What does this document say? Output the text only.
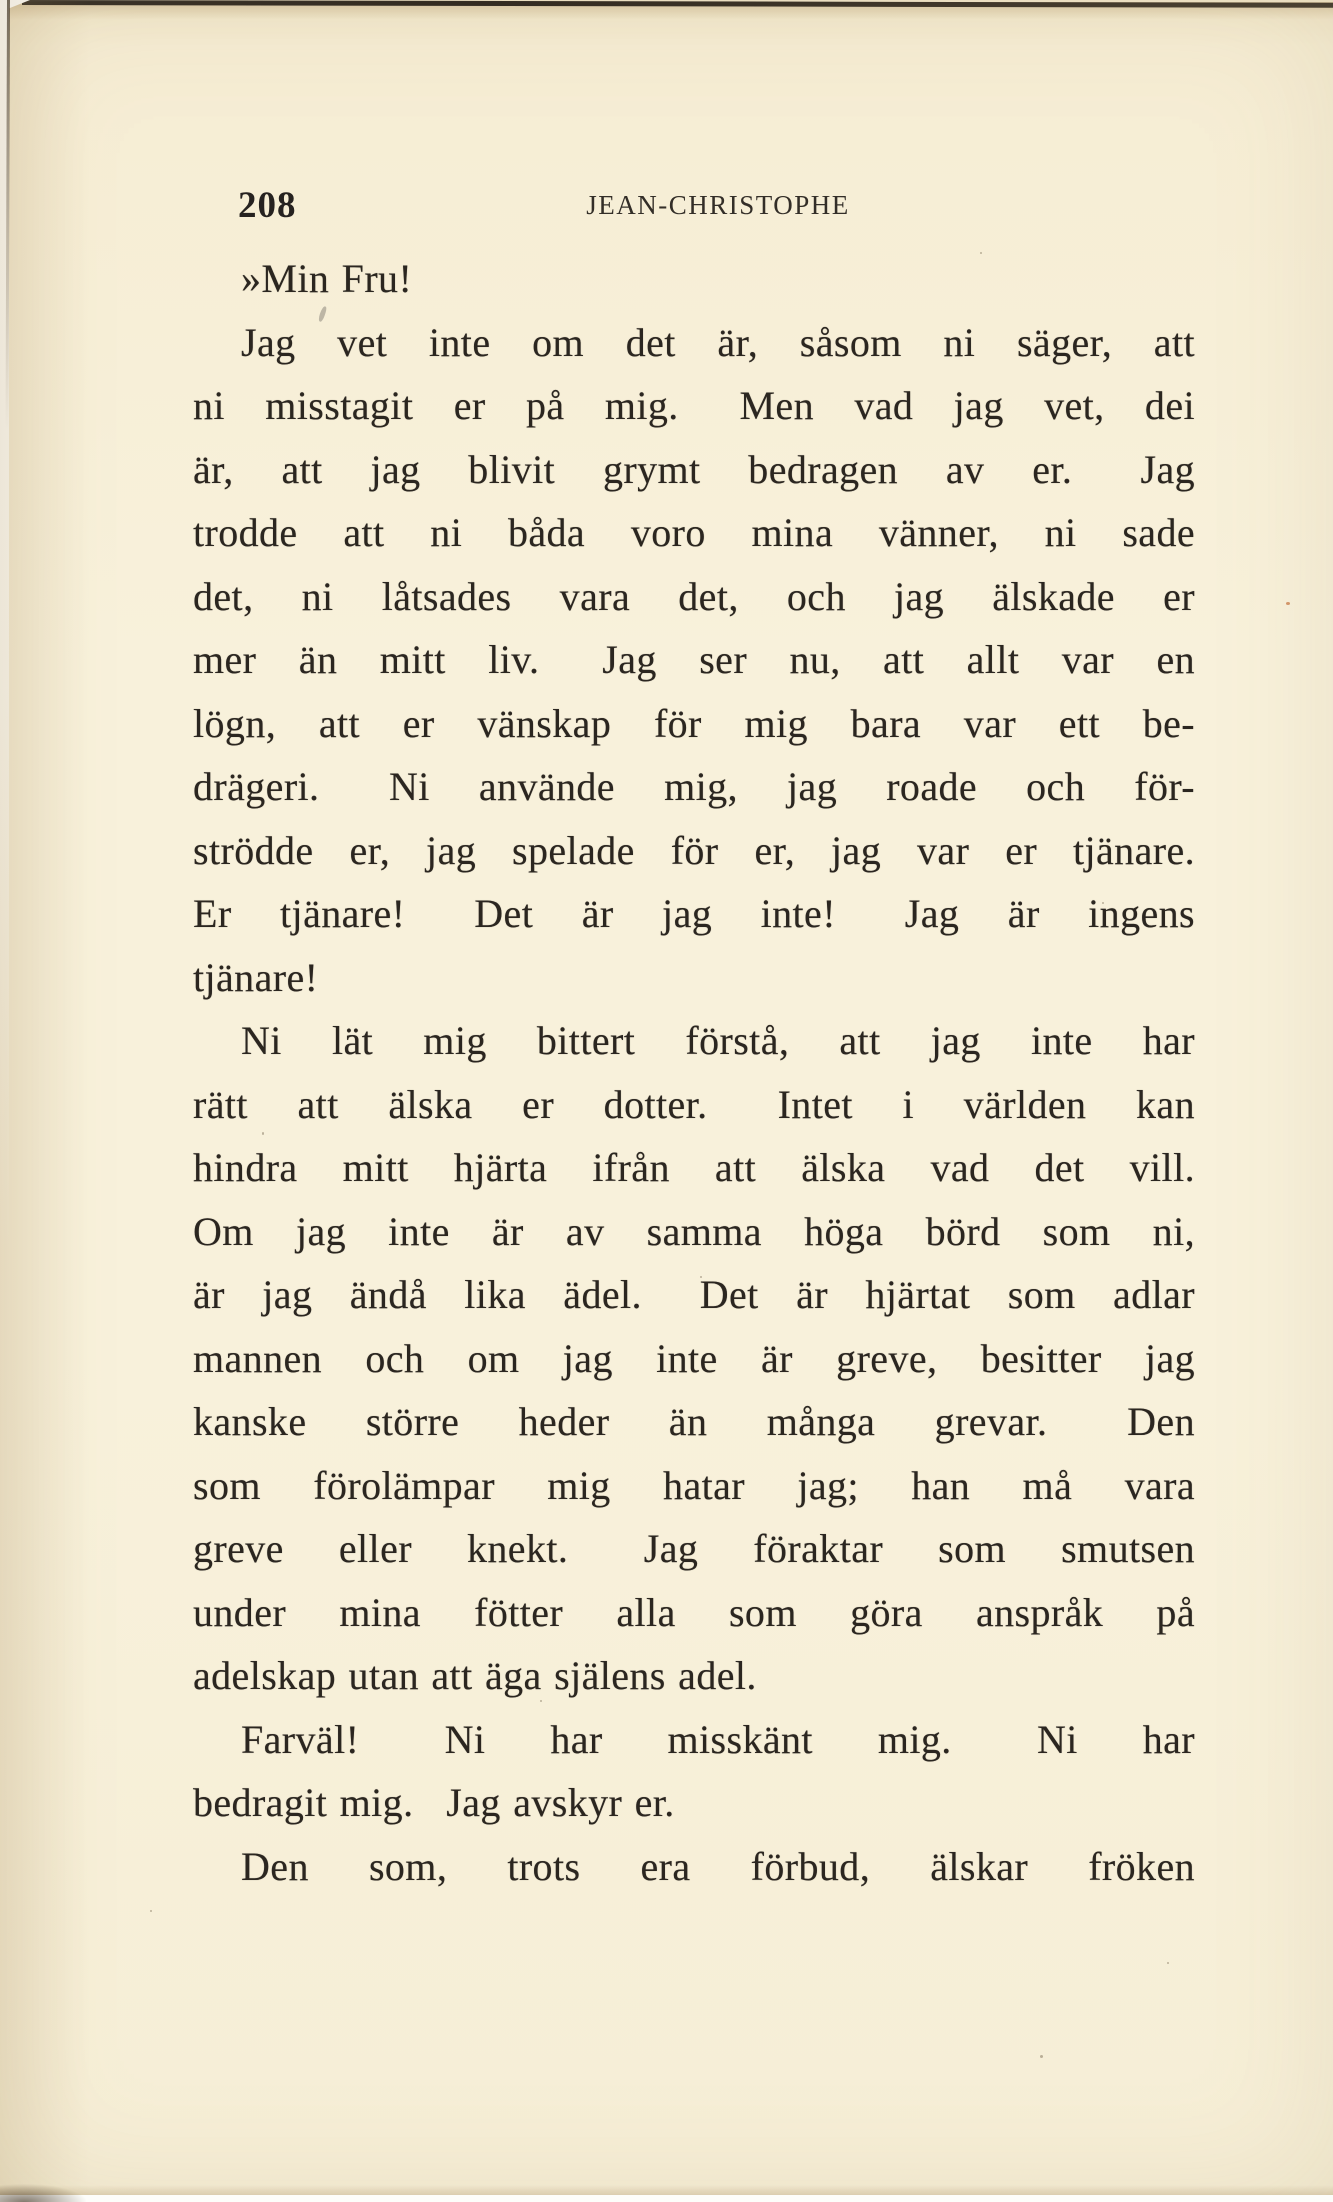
208	JEAN-CHRISTOPHE
»Min Fru!
Jag vet inte om det är, såsom ni säger, att
ni misstagit er på mig.  Men vad jag vet, dei
är, att jag blivit grymt bedragen av er.  Jag
trodde att ni båda voro mina vänner, ni sade
det, ni låtsades vara det, och jag älskade er
mer än mitt liv.  Jag ser nu, att allt var en
lögn, att er vänskap för mig bara var ett be-
drägeri.  Ni använde mig, jag roade och för-
strödde er, jag spelade för er, jag var er tjänare.
Er tjänare!  Det är jag inte!  Jag är ingens
tjänare!
Ni lät mig bittert förstå, att jag inte har
rätt att älska er dotter.  Intet i världen kan
hindra mitt hjärta ifrån att älska vad det vill.
Om jag inte är av samma höga börd som ni,
är jag ändå lika ädel.  Det är hjärtat som adlar
mannen och om jag inte är greve, besitter jag
kanske större heder än många grevar.  Den
som förolämpar mig hatar jag; han må vara
greve eller knekt.  Jag föraktar som smutsen
under mina fötter alla som göra anspråk på
adelskap utan att äga själens adel.
Farväl!  Ni har misskänt mig.  Ni har
bedragit mig.  Jag avskyr er.
Den som, trots era förbud, älskar fröken
